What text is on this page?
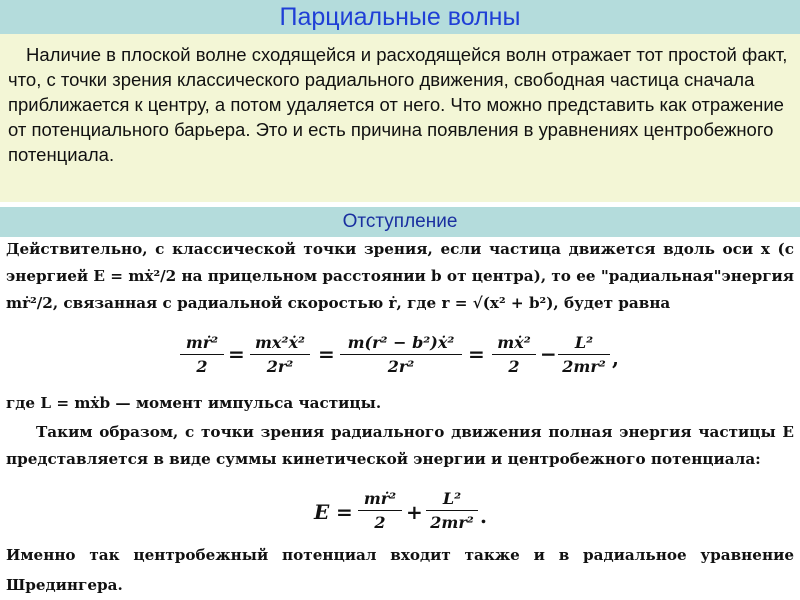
Парциальные волны

Наличие в плоской волне сходящейся и расходящейся волн отражает тот простой факт, что, с точки зрения классического радиального движения, свободная частица сначала приближается к центру, а потом удаляется от него. Что можно представить как отражение от потенциального барьера. Это и есть причина появления в уравнениях центробежного потенциала.

Отступление

Действительно, с классической точки зрения, если частица движется вдоль оси x (с энергией E = mẋ²/2 на прицельном расстоянии b от центра), то ее "радиальная"энергия mṙ²/2, связанная с радиальной скоростью ṙ, где r = √(x² + b²), будет равна

mṙ²
2
= mx²ẋ²
2r²
= m(r² − b²)ẋ²
2r²
= mẋ²
2
−	L²
2mr² ,

где L = mẋb — момент импульса частицы.

Таким образом, с точки зрения радиального движения полная энергия частицы E представляется в виде суммы кинетической энергии и центробежного потенциала:

E =
mṙ²
2	+
L²
2mr² .

Именно так центробежный потенциал входит также и в радиальное уравнение Шредингера.
